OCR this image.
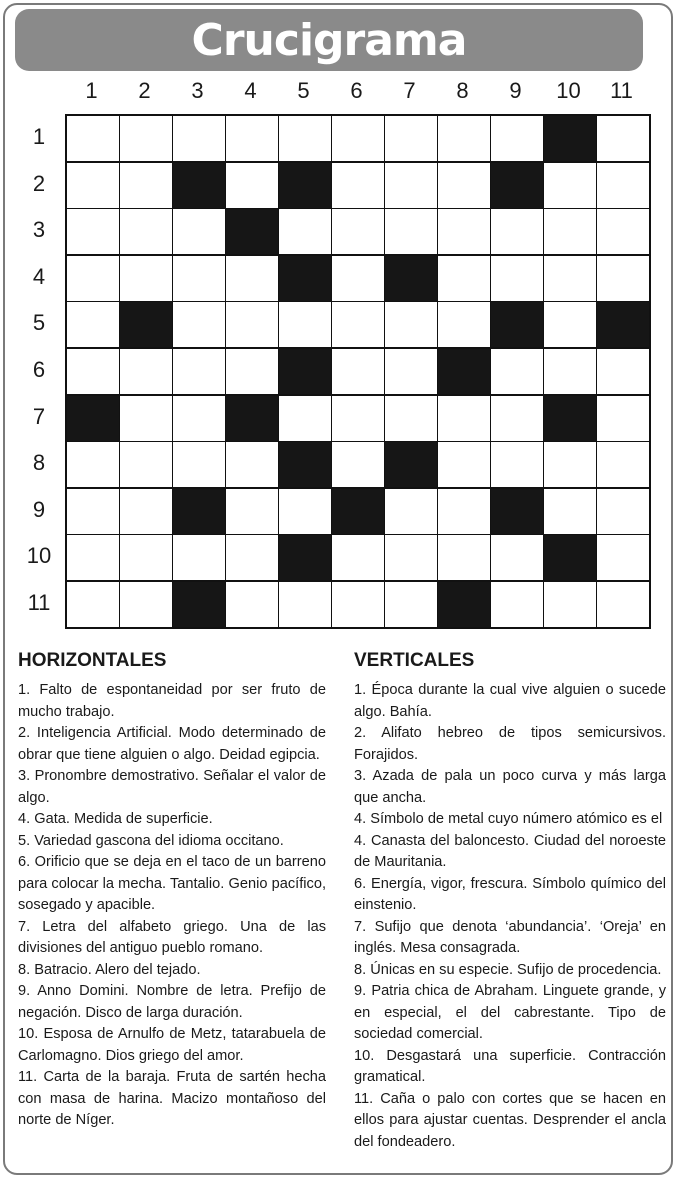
Crucigrama
1	2	3	4	5	6	7	8	9	10	11
1
2
3
4
5
6
7
8
9
10
11
HORIZONTALES

1. Falto de espontaneidad por ser fruto de mucho trabajo.

2. Inteligencia Artificial. Modo determinado de obrar que tiene alguien o algo. Deidad egipcia.

3. Pronombre demostrativo. Señalar el valor de algo.

4. Gata. Medida de superficie.

5. Variedad gascona del idioma occitano.

6. Orificio que se deja en el taco de un barreno para colocar la mecha. Tantalio. Genio pacífico, sosegado y apacible.

7. Letra del alfabeto griego. Una de las divisiones del antiguo pueblo romano.

8. Batracio. Alero del tejado.

9. Anno Domini. Nombre de letra. Prefijo de negación. Disco de larga duración.

10. Esposa de Arnulfo de Metz, tatarabuela de Carlomagno. Dios griego del amor.

11. Carta de la baraja. Fruta de sartén hecha con masa de harina. Macizo montañoso del norte de Níger.

VERTICALES

1. Época durante la cual vive alguien o sucede algo. Bahía.

2. Alifato hebreo de tipos semicursivos. Forajidos.

3. Azada de pala un poco curva y más larga que ancha.

4. Símbolo de metal cuyo número atómico es el

4. Canasta del baloncesto. Ciudad del noroeste de Mauritania.

6. Energía, vigor, frescura. Símbolo químico del einstenio.

7. Sufijo que denota ‘abundancia’. ‘Oreja’ en inglés. Mesa consagrada.

8. Únicas en su especie. Sufijo de procedencia.

9. Patria chica de Abraham. Linguete grande, y en especial, el del cabrestante. Tipo de sociedad comercial.

10. Desgastará una superficie. Contracción gramatical.

11. Caña o palo con cortes que se hacen en ellos para ajustar cuentas. Desprender el ancla del fondeadero.
